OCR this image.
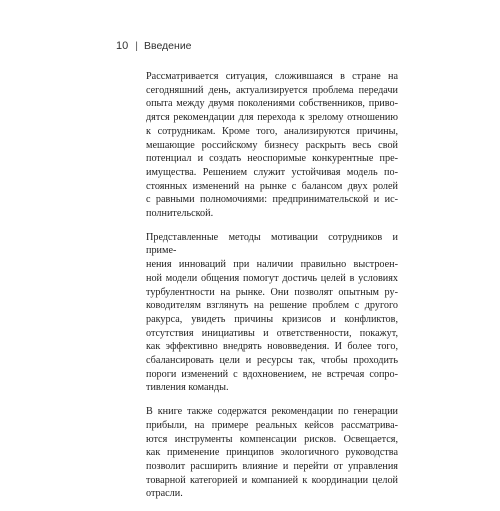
10 | Введение
Рассматривается ситуация, сложившаяся в стране на
сегодняшний день, актуализируется проблема передачи
опыта между двумя поколениями собственников, приво-
дятся рекомендации для перехода к зрелому отношению
к сотрудникам. Кроме того, анализируются причины,
мешающие российскому бизнесу раскрыть весь свой
потенциал и создать неоспоримые конкурентные пре-
имущества. Решением служит устойчивая модель по-
стоянных изменений на рынке с балансом двух ролей
с равными полномочиями: предпринимательской и ис-
полнительской.
Представленные методы мотивации сотрудников и приме-
нения инноваций при наличии правильно выстроен-
ной модели общения помогут достичь целей в условиях
турбулентности на рынке. Они позволят опытным ру-
ководителям взглянуть на решение проблем с другого
ракурса, увидеть причины кризисов и конфликтов,
отсутствия инициативы и ответственности, покажут,
как эффективно внедрять нововведения. И более того,
сбалансировать цели и ресурсы так, чтобы проходить
пороги изменений с вдохновением, не встречая сопро-
тивления команды.
В книге также содержатся рекомендации по генерации
прибыли, на примере реальных кейсов рассматрива-
ются инструменты компенсации рисков. Освещается,
как применение принципов экологичного руководства
позволит расширить влияние и перейти от управления
товарной категорией и компанией к координации целой
отрасли.
